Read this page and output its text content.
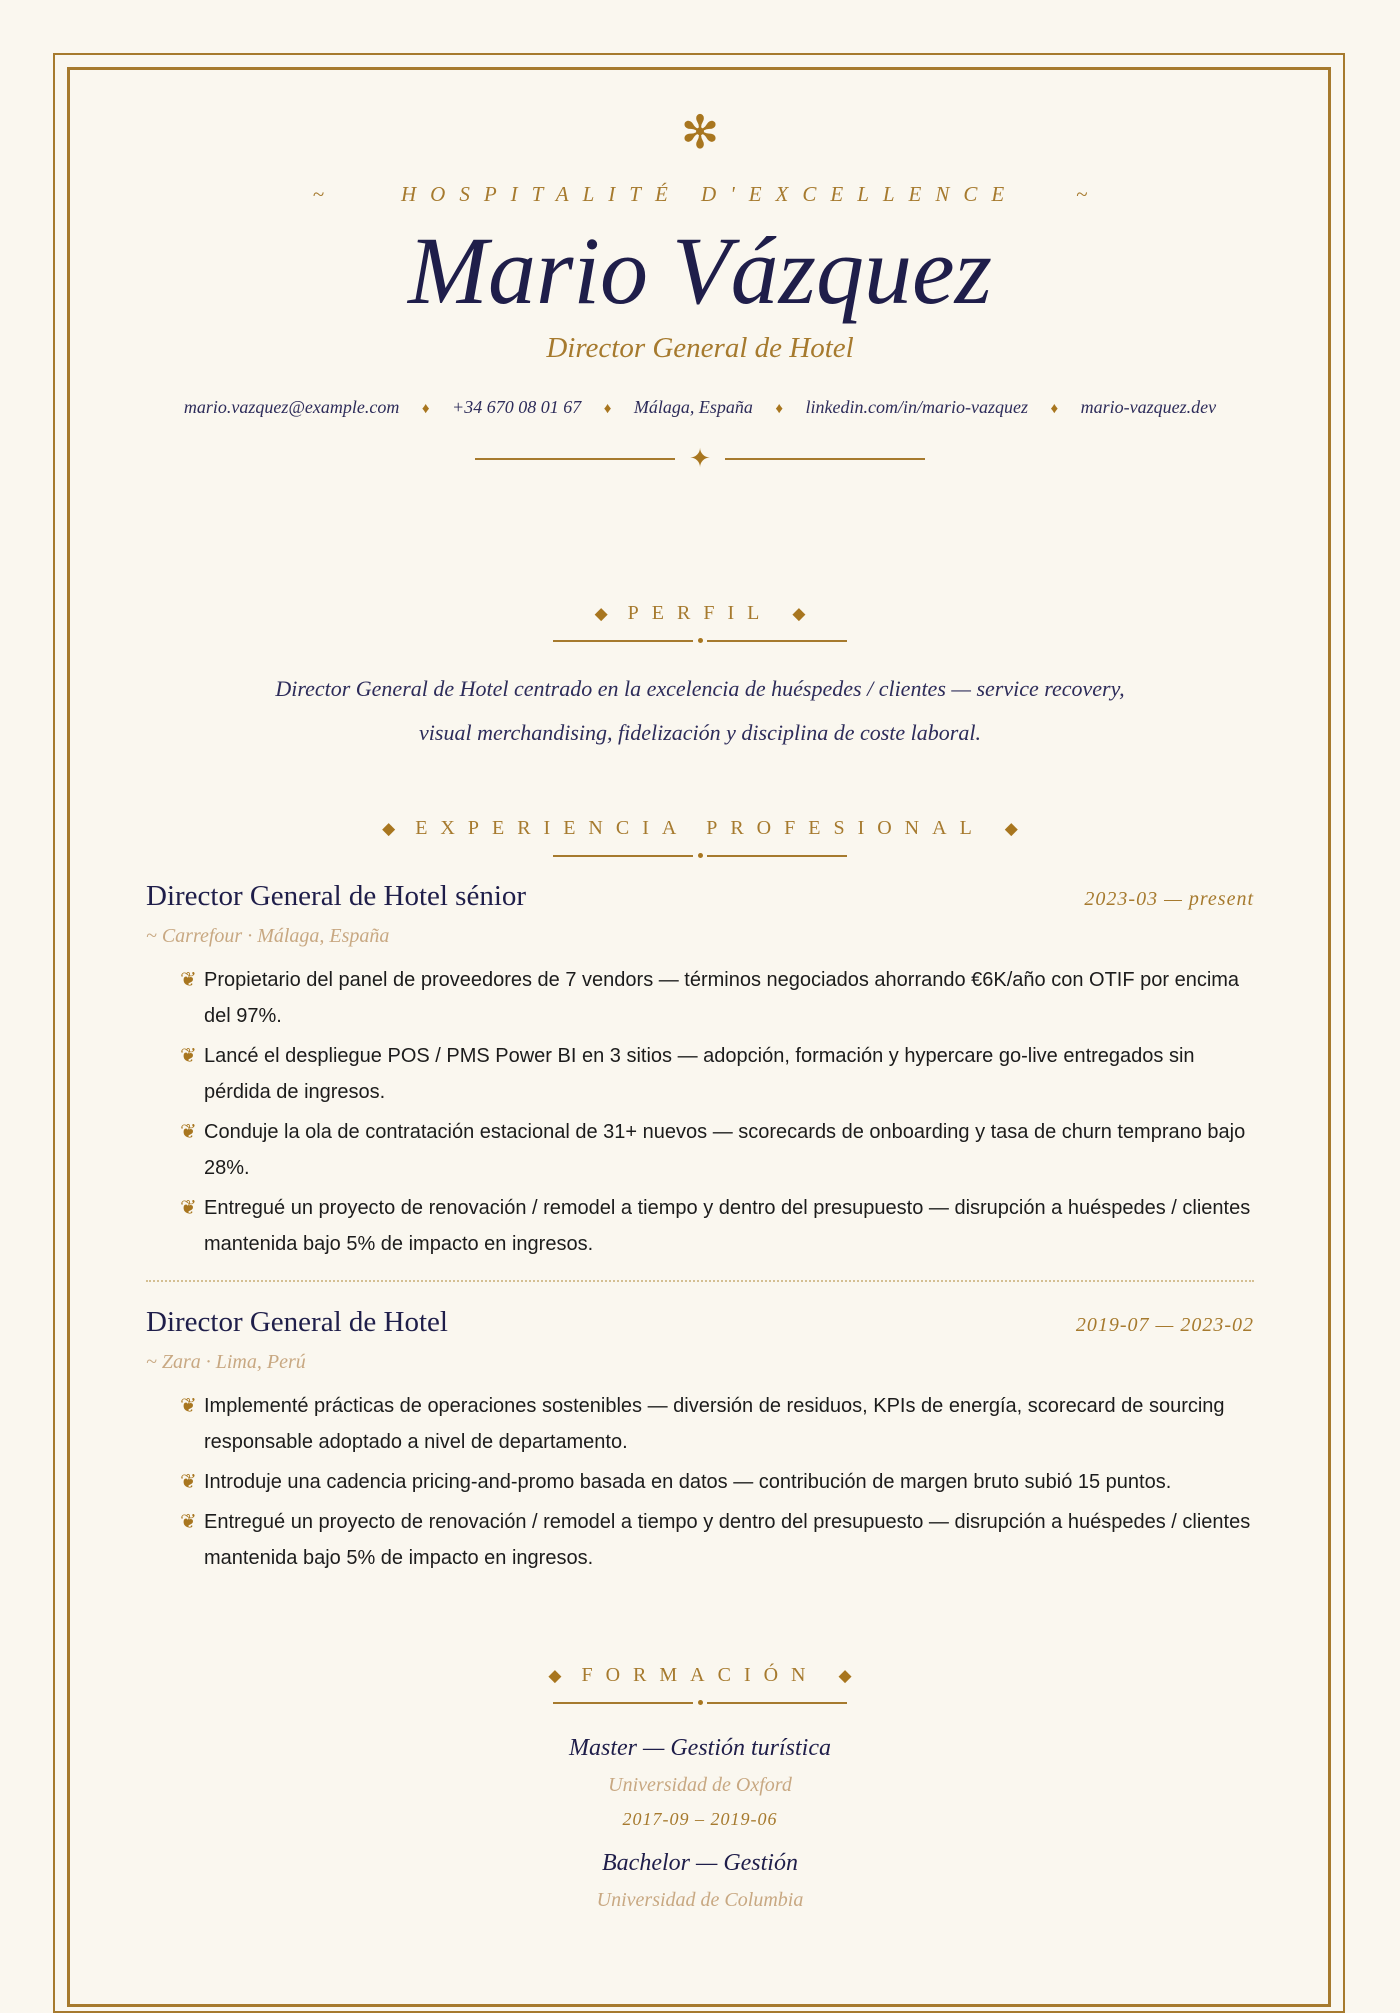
✻
~	HOSPITALITÉ D'EXCELLENCE	~
Mario Vázquez
Director General de Hotel
mario.vazquez@example.com ♦ +34 670 08 01 67 ♦ Málaga, España ♦ linkedin.com/in/mario-vazquez ♦ mario-vazquez.dev
✦
◆ PERFIL ◆

Director General de Hotel centrado en la excelencia de huéspedes / clientes — service recovery, visual merchandising, fidelización y disciplina de coste laboral.

◆ EXPERIENCIA PROFESIONAL ◆
Director General de Hotel sénior	2023-03 — present
~ Carrefour · Málaga, España
❦ Propietario del panel de proveedores de 7 vendors — términos negociados ahorrando €6K/año con OTIF por encima del 97%.
❦ Lancé el despliegue POS / PMS Power BI en 3 sitios — adopción, formación y hypercare go-live entregados sin pérdida de ingresos.
❦ Conduje la ola de contratación estacional de 31+ nuevos — scorecards de onboarding y tasa de churn temprano bajo 28%.
❦ Entregué un proyecto de renovación / remodel a tiempo y dentro del presupuesto — disrupción a huéspedes / clientes mantenida bajo 5% de impacto en ingresos.
Director General de Hotel	2019-07 — 2023-02
~ Zara · Lima, Perú
❦ Implementé prácticas de operaciones sostenibles — diversión de residuos, KPIs de energía, scorecard de sourcing responsable adoptado a nivel de departamento.
❦ Introduje una cadencia pricing-and-promo basada en datos — contribución de margen bruto subió 15 puntos.
❦ Entregué un proyecto de renovación / remodel a tiempo y dentro del presupuesto — disrupción a huéspedes / clientes mantenida bajo 5% de impacto en ingresos.
◆ FORMACIÓN ◆
Master — Gestión turística
Universidad de Oxford
2017-09 – 2019-06
Bachelor — Gestión
Universidad de Columbia
